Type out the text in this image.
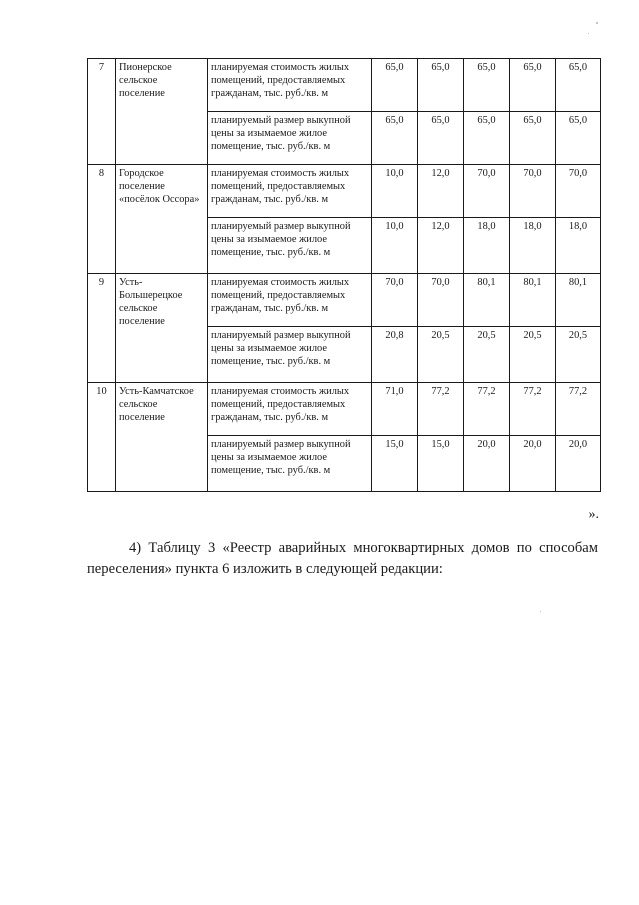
7	Пионерское сельское поселение	планируемая стоимость жилых помещений, предоставляемых гражданам, тыс. руб./кв. м	65,0	65,0	65,0	65,0	65,0
		планируемый размер выкупной цены за изымаемое жилое помещение, тыс. руб./кв. м	65,0	65,0	65,0	65,0	65,0
8	Городское поселение «посёлок Оссора»	планируемая стоимость жилых помещений, предоставляемых гражданам, тыс. руб./кв. м	10,0	12,0	70,0	70,0	70,0
		планируемый размер выкупной цены за изымаемое жилое помещение, тыс. руб./кв. м	10,0	12,0	18,0	18,0	18,0
9	Усть-Большерецкое сельское поселение	планируемая стоимость жилых помещений, предоставляемых гражданам, тыс. руб./кв. м	70,0	70,0	80,1	80,1	80,1
		планируемый размер выкупной цены за изымаемое жилое помещение, тыс. руб./кв. м	20,8	20,5	20,5	20,5	20,5
10	Усть-Камчатское сельское поселение	планируемая стоимость жилых помещений, предоставляемых гражданам, тыс. руб./кв. м	71,0	77,2	77,2	77,2	77,2
		планируемый размер выкупной цены за изымаемое жилое помещение, тыс. руб./кв. м	15,0	15,0	20,0	20,0	20,0
».

4) Таблицу 3 «Реестр аварийных многоквартирных домов по способам переселения» пункта 6 изложить в следующей редакции:
